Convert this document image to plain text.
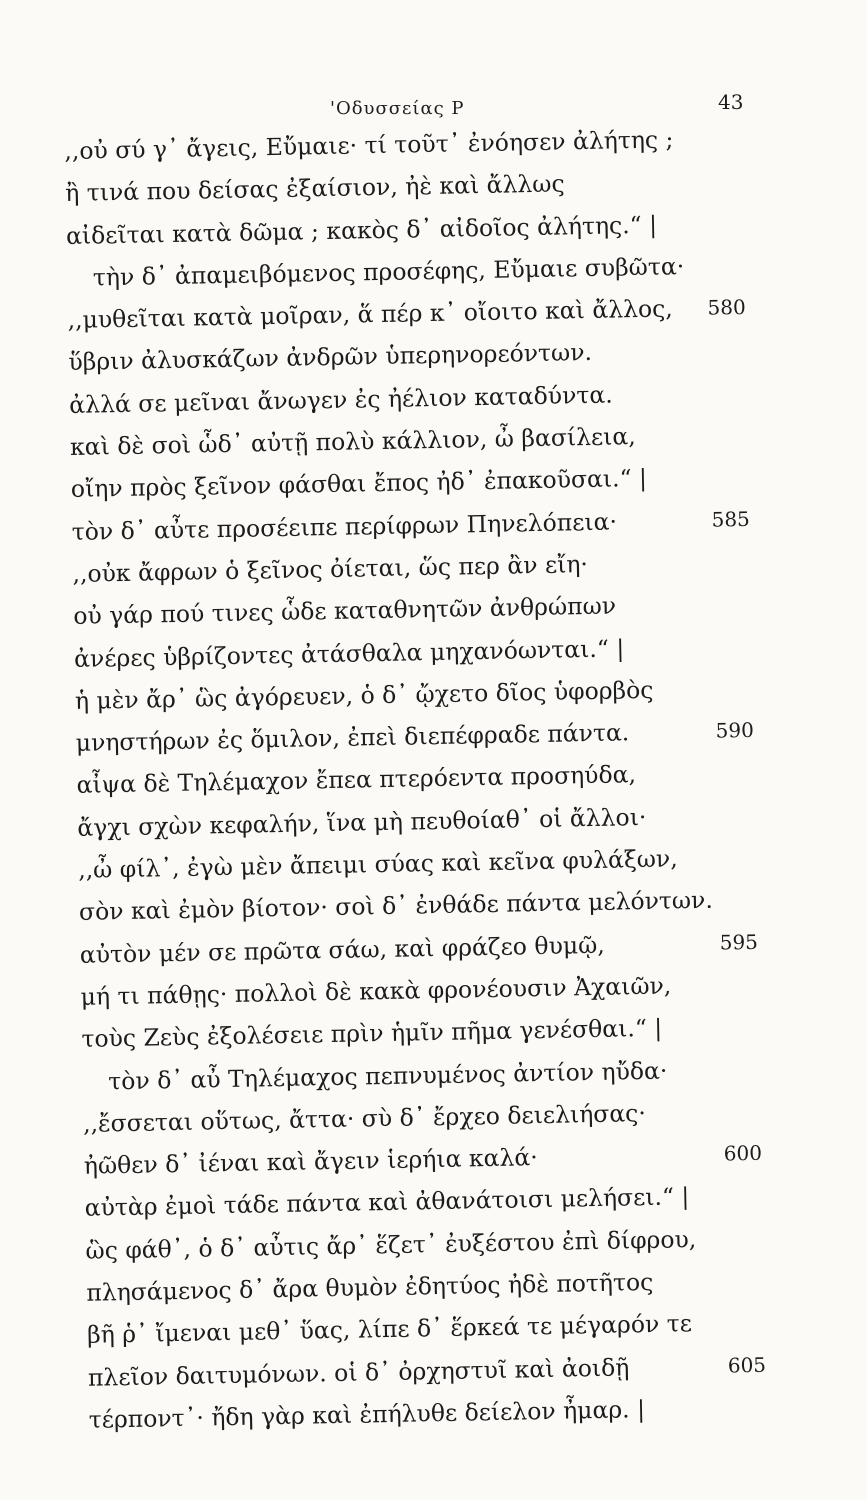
'Οδυσσείας Ρ	43
,,οὐ σύ γ᾽ ἄγεις, Εὔμαιε· τί τοῦτ᾽ ἐνόησεν ἀλήτης ;
ἢ τινά που δείσας ἐξαίσιον, ἠὲ καὶ ἄλλως
αἰδεῖται κατὰ δῶμα ; κακὸς δ᾽ αἰδοῖος ἀλήτης.“ |
τὴν δ᾽ ἀπαμειβόμενος προσέφης, Εὔμαιε συβῶτα·
,,μυθεῖται κατὰ μοῖραν, ἅ πέρ κ᾽ οἴοιτο καὶ ἄλλος, 580
ὕβριν ἀλυσκάζων ἀνδρῶν ὑπερηνορεόντων.
ἀλλά σε μεῖναι ἄνωγεν ἐς ἠέλιον καταδύντα.
καὶ δὲ σοὶ ὧδ᾽ αὐτῇ πολὺ κάλλιον, ὦ βασίλεια,
οἴην πρὸς ξεῖνον φάσθαι ἔπος ἠδ᾽ ἐπακοῦσαι.“ |
τὸν δ᾽ αὖτε προσέειπε περίφρων Πηνελόπεια·	585
,,οὐκ ἄφρων ὁ ξεῖνος ὀίεται, ὥς περ ἂν εἴη·
οὐ γάρ πού τινες ὧδε καταθνητῶν ἀνθρώπων
ἀνέρες ὑβρίζοντες ἀτάσθαλα μηχανόωνται.“ |
ἡ μὲν ἄρ᾽ ὣς ἀγόρευεν, ὁ δ᾽ ᾤχετο δῖος ὑφορβὸς
μνηστήρων ἐς ὅμιλον, ἐπεὶ διεπέφραδε πάντα.	590
αἶψα δὲ Τηλέμαχον ἔπεα πτερόεντα προσηύδα,
ἄγχι σχὼν κεφαλήν, ἵνα μὴ πευθοίαθ᾽ οἱ ἄλλοι·
,,ὦ φίλ᾽, ἐγὼ μὲν ἄπειμι σύας καὶ κεῖνα φυλάξων,
σὸν καὶ ἐμὸν βίοτον· σοὶ δ᾽ ἐνθάδε πάντα μελόντων.
αὐτὸν μέν σε πρῶτα σάω, καὶ φράζεο θυμῷ,	595
μή τι πάθῃς· πολλοὶ δὲ κακὰ φρονέουσιν Ἀχαιῶν,
τοὺς Ζεὺς ἐξολέσειε πρὶν ἡμῖν πῆμα γενέσθαι.“ |
τὸν δ᾽ αὖ Τηλέμαχος πεπνυμένος ἀντίον ηὔδα·
,,ἔσσεται οὕτως, ἄττα· σὺ δ᾽ ἔρχεο δειελιήσας·
ἠῶθεν δ᾽ ἰέναι καὶ ἄγειν ἱερήια καλά·	600
αὐτὰρ ἐμοὶ τάδε πάντα καὶ ἀθανάτοισι μελήσει.“ |
ὣς φάθ᾽, ὁ δ᾽ αὖτις ἄρ᾽ ἕζετ᾽ ἐυξέστου ἐπὶ δίφρου,
πλησάμενος δ᾽ ἄρα θυμὸν ἐδητύος ἠδὲ ποτῆτος
βῆ ῥ᾽ ἴμεναι μεθ᾽ ὕας, λίπε δ᾽ ἕρκεά τε μέγαρόν τε
πλεῖον δαιτυμόνων. οἱ δ᾽ ὀρχηστυῖ καὶ ἀοιδῇ	605
τέρποντ᾽· ἤδη γὰρ καὶ ἐπήλυθε δείελον ἦμαρ. |
